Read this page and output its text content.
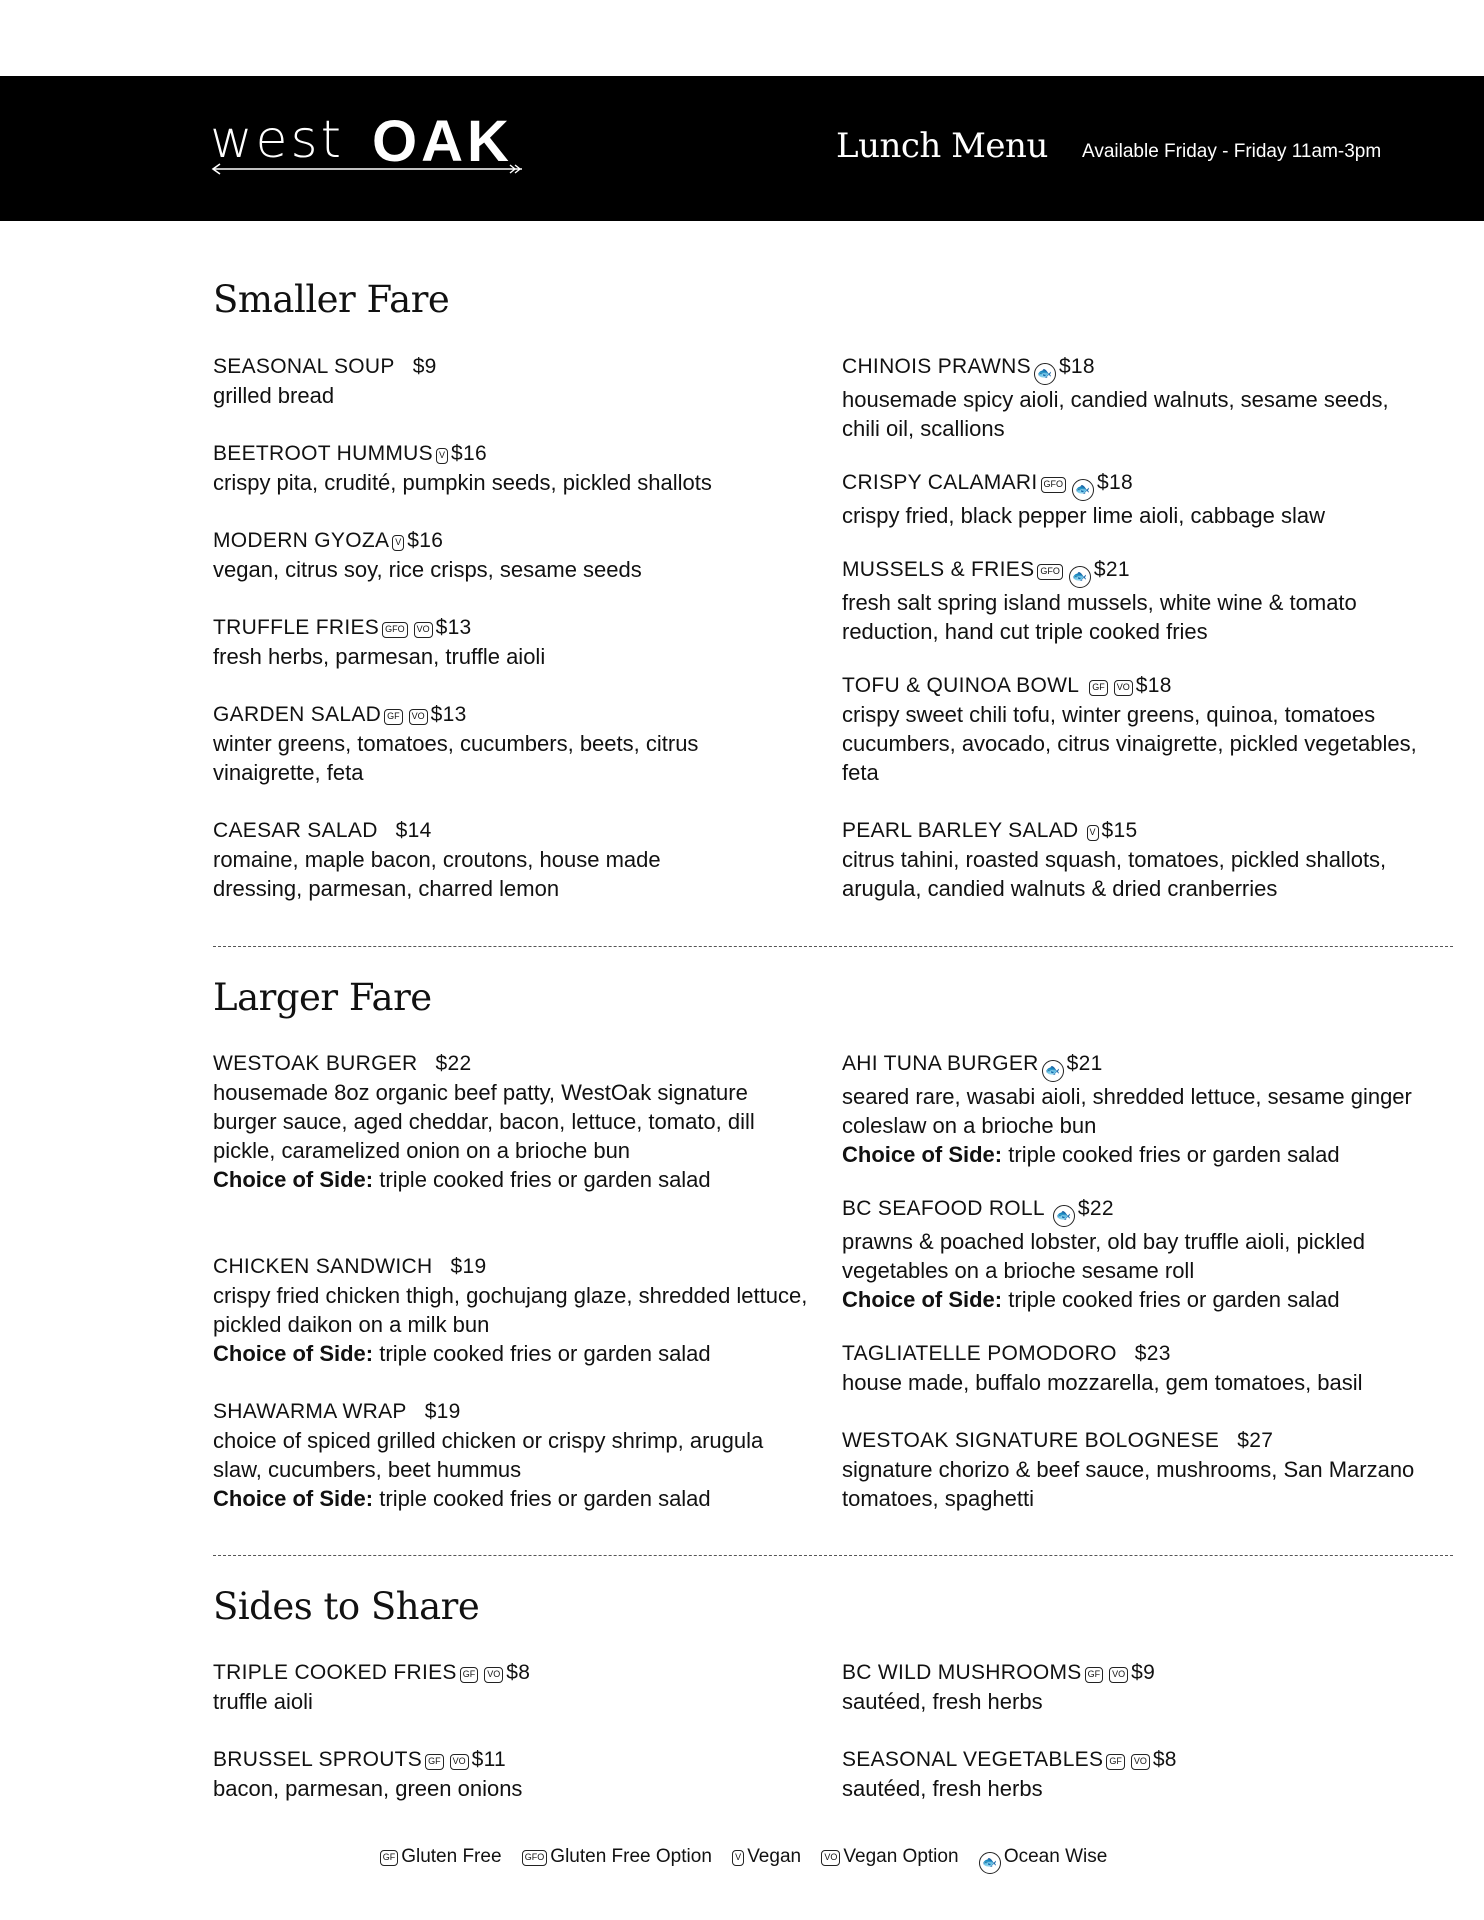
west OAK	Lunch Menu Available Friday - Friday 11am-3pm
Smaller Fare
SEASONAL SOUP $9
grilled bread
BEETROOT HUMMUS V $16
crispy pita, crudité, pumpkin seeds, pickled shallots
MODERN GYOZA V $16
vegan, citrus soy, rice crisps, sesame seeds
TRUFFLE FRIES GFO VO $13
fresh herbs, parmesan, truffle aioli
GARDEN SALAD GF VO $13
winter greens, tomatoes, cucumbers, beets, citrus vinaigrette, feta
CAESAR SALAD $14
romaine, maple bacon, croutons, house made dressing, parmesan, charred lemon
CHINOIS PRAWNS 🐟 $18
housemade spicy aioli, candied walnuts, sesame seeds, chili oil, scallions
CRISPY CALAMARI GFO 🐟 $18
crispy fried, black pepper lime aioli, cabbage slaw
MUSSELS & FRIES GFO 🐟 $21
fresh salt spring island mussels, white wine & tomato reduction, hand cut triple cooked fries
TOFU & QUINOA BOWL GF VO $18
crispy sweet chili tofu, winter greens, quinoa, tomatoes cucumbers, avocado, citrus vinaigrette, pickled vegetables, feta
PEARL BARLEY SALAD V $15
citrus tahini, roasted squash, tomatoes, pickled shallots, arugula, candied walnuts & dried cranberries
Larger Fare
WESTOAK BURGER $22
housemade 8oz organic beef patty, WestOak signature burger sauce, aged cheddar, bacon, lettuce, tomato, dill pickle, caramelized onion on a brioche bun
Choice of Side: triple cooked fries or garden salad
CHICKEN SANDWICH $19
crispy fried chicken thigh, gochujang glaze, shredded lettuce, pickled daikon on a milk bun
Choice of Side: triple cooked fries or garden salad
SHAWARMA WRAP $19
choice of spiced grilled chicken or crispy shrimp, arugula slaw, cucumbers, beet hummus
Choice of Side: triple cooked fries or garden salad
AHI TUNA BURGER 🐟 $21
seared rare, wasabi aioli, shredded lettuce, sesame ginger coleslaw on a brioche bun
Choice of Side: triple cooked fries or garden salad
BC SEAFOOD ROLL 🐟 $22
prawns & poached lobster, old bay truffle aioli, pickled vegetables on a brioche sesame roll
Choice of Side: triple cooked fries or garden salad
TAGLIATELLE POMODORO $23
house made, buffalo mozzarella, gem tomatoes, basil
WESTOAK SIGNATURE BOLOGNESE $27
signature chorizo & beef sauce, mushrooms, San Marzano tomatoes, spaghetti
Sides to Share
TRIPLE COOKED FRIES GF VO $8
truffle aioli
BRUSSEL SPROUTS GF VO $11
bacon, parmesan, green onions
BC WILD MUSHROOMS GF VO $9
sautéed, fresh herbs
SEASONAL VEGETABLES GF VO $8
sautéed, fresh herbs
GF Gluten Free	GFO Gluten Free Option	V Vegan	VO Vegan Option 🐟 Ocean Wise
